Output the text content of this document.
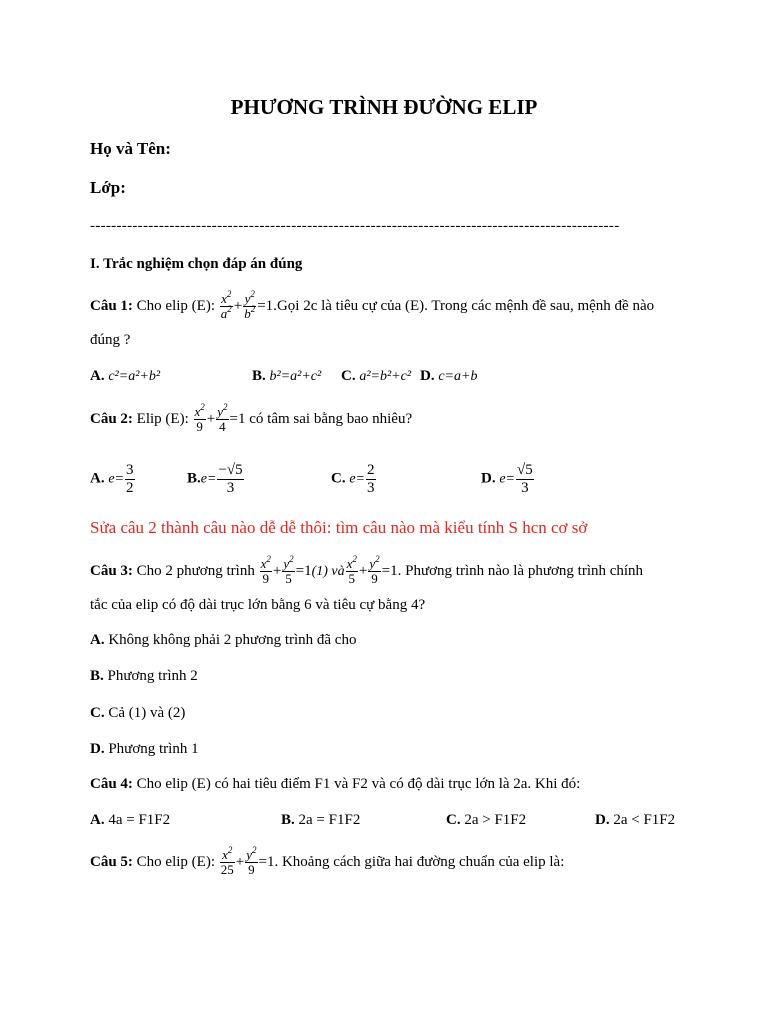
PHƯƠNG TRÌNH ĐƯỜNG ELIP
Họ và Tên:
Lớp:
----------------------------------------------------------------------------------------------------
I. Trắc nghiệm chọn đáp án đúng
Câu 1: Cho elip (E): $\frac{x^2}{a^2} + \frac{y^2}{b^2}$ =1.Gọi 2c là tiêu cự của (E). Trong các mệnh đề sau, mệnh đề nào
đúng ?
A. c²=a²+b²	B. b²=a²+c² C. a²=b²+c² D. c=a+b
Câu 2: Elip (E): $\frac{x^2}{9} + \frac{y^2}{4} =1$ có tâm sai bằng bao nhiêu?
A. $e= \frac{3}{2}$	$B.e= \frac{-√5}{3}$	C. $e= \frac{2}{3}$	D. $e= \frac{√5}{3}$
Sửa câu 2 thành câu nào dễ dễ thôi: tìm câu nào mà kiểu tính S hcn cơ sở
Câu 3: Cho 2 phương trình $\frac{x^2}{9} + \frac{y^2}{5} =1(1)$ và $\frac{x^2}{5} + \frac{y^2}{9} =1$. Phương trình nào là phương trình chính
tắc của elip có độ dài trục lớn bằng 6 và tiêu cự bằng 4?
A. Không không phải 2 phương trình đã cho
B. Phương trình 2
C. Cả (1) và (2)
D. Phương trình 1
Câu 4: Cho elip (E) có hai tiêu điểm F1 và F2 và có độ dài trục lớn là 2a. Khi đó:
A. 4a = F1F2	B. 2a = F1F2	C. 2a > F1F2	D. 2a < F1F2
Câu 5: Cho elip (E): $\frac{x^2}{25} + \frac{y^2}{9} =1$. Khoảng cách giữa hai đường chuẩn của elip là:
